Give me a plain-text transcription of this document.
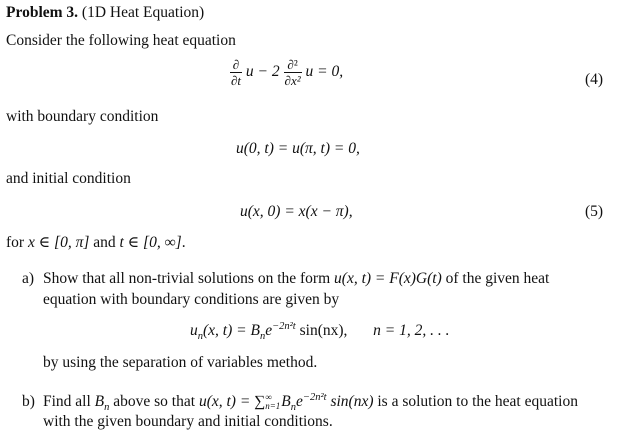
Problem 3. (1D Heat Equation)
Consider the following heat equation
$\frac{\partial}{\partial t}$ $u - 2 \frac{\text{∂²}}{\text{∂x²}}$ u = 0,	(4)
with boundary condition
u(0, t) = u(π, t) = 0,
and initial condition
u(x, 0) = x(x − π),	(5)
for x ∈ [0, π] and t ∈ [0, ∞].
a) Show that all non-trivial solutions on the form u(x, t) = F(x)G(t) of the given heat
equation with boundary conditions are given by
$u_n(x$, $t) = B_ne^{-2n^2t}$ sin(nx), n = 1, 2, . . .
by using the separation of variables method.
b) Find all $B_n$ above so that u(x, t) = ∑ ∞
n=1 $B_ne^{-2n^2t}$ sin(nx) is a solution to the heat equation
with the given boundary and initial conditions.
